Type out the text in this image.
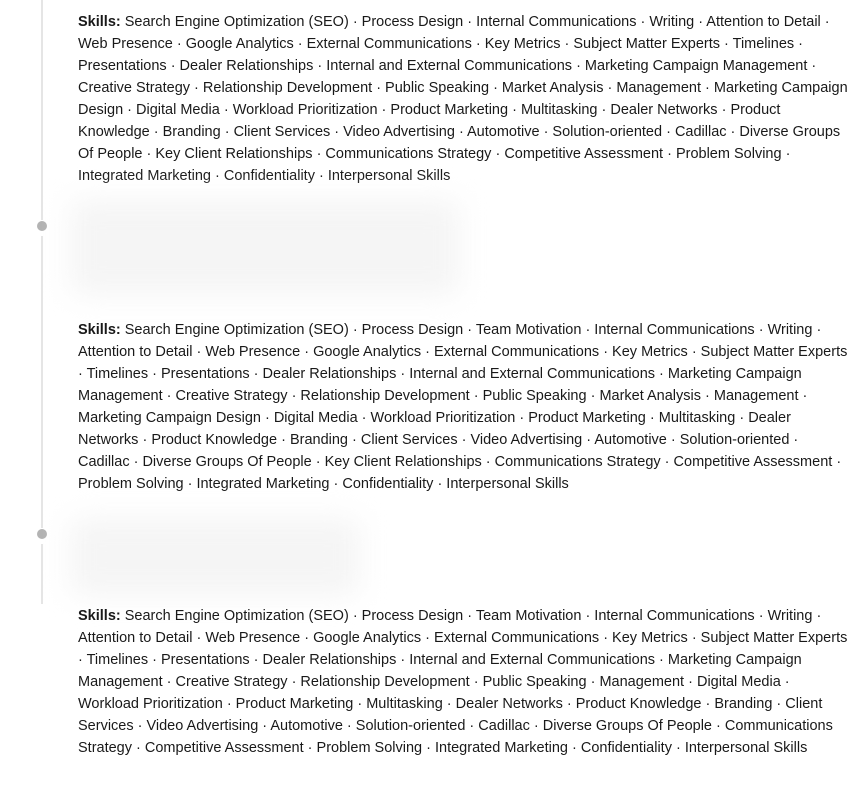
Skills: Search Engine Optimization (SEO) · Process Design · Internal Communications · Writing · Attention to Detail · Web Presence · Google Analytics · External Communications · Key Metrics · Subject Matter Experts · Timelines · Presentations · Dealer Relationships · Internal and External Communications · Marketing Campaign Management · Creative Strategy · Relationship Development · Public Speaking · Market Analysis · Management · Marketing Campaign Design · Digital Media · Workload Prioritization · Product Marketing · Multitasking · Dealer Networks · Product Knowledge · Branding · Client Services · Video Advertising · Automotive · Solution-oriented · Cadillac · Diverse Groups Of People · Key Client Relationships · Communications Strategy · Competitive Assessment · Problem Solving · Integrated Marketing · Confidentiality · Interpersonal Skills

Skills: Search Engine Optimization (SEO) · Process Design · Team Motivation · Internal Communications · Writing · Attention to Detail · Web Presence · Google Analytics · External Communications · Key Metrics · Subject Matter Experts · Timelines · Presentations · Dealer Relationships · Internal and External Communications · Marketing Campaign Management · Creative Strategy · Relationship Development · Public Speaking · Market Analysis · Management · Marketing Campaign Design · Digital Media · Workload Prioritization · Product Marketing · Multitasking · Dealer Networks · Product Knowledge · Branding · Client Services · Video Advertising · Automotive · Solution-oriented · Cadillac · Diverse Groups Of People · Key Client Relationships · Communications Strategy · Competitive Assessment · Problem Solving · Integrated Marketing · Confidentiality · Interpersonal Skills

Skills: Search Engine Optimization (SEO) · Process Design · Team Motivation · Internal Communications · Writing · Attention to Detail · Web Presence · Google Analytics · External Communications · Key Metrics · Subject Matter Experts · Timelines · Presentations · Dealer Relationships · Internal and External Communications · Marketing Campaign Management · Creative Strategy · Relationship Development · Public Speaking · Management · Digital Media · Workload Prioritization · Product Marketing · Multitasking · Dealer Networks · Product Knowledge · Branding · Client Services · Video Advertising · Automotive · Solution-oriented · Cadillac · Diverse Groups Of People · Communications Strategy · Competitive Assessment · Problem Solving · Integrated Marketing · Confidentiality · Interpersonal Skills
